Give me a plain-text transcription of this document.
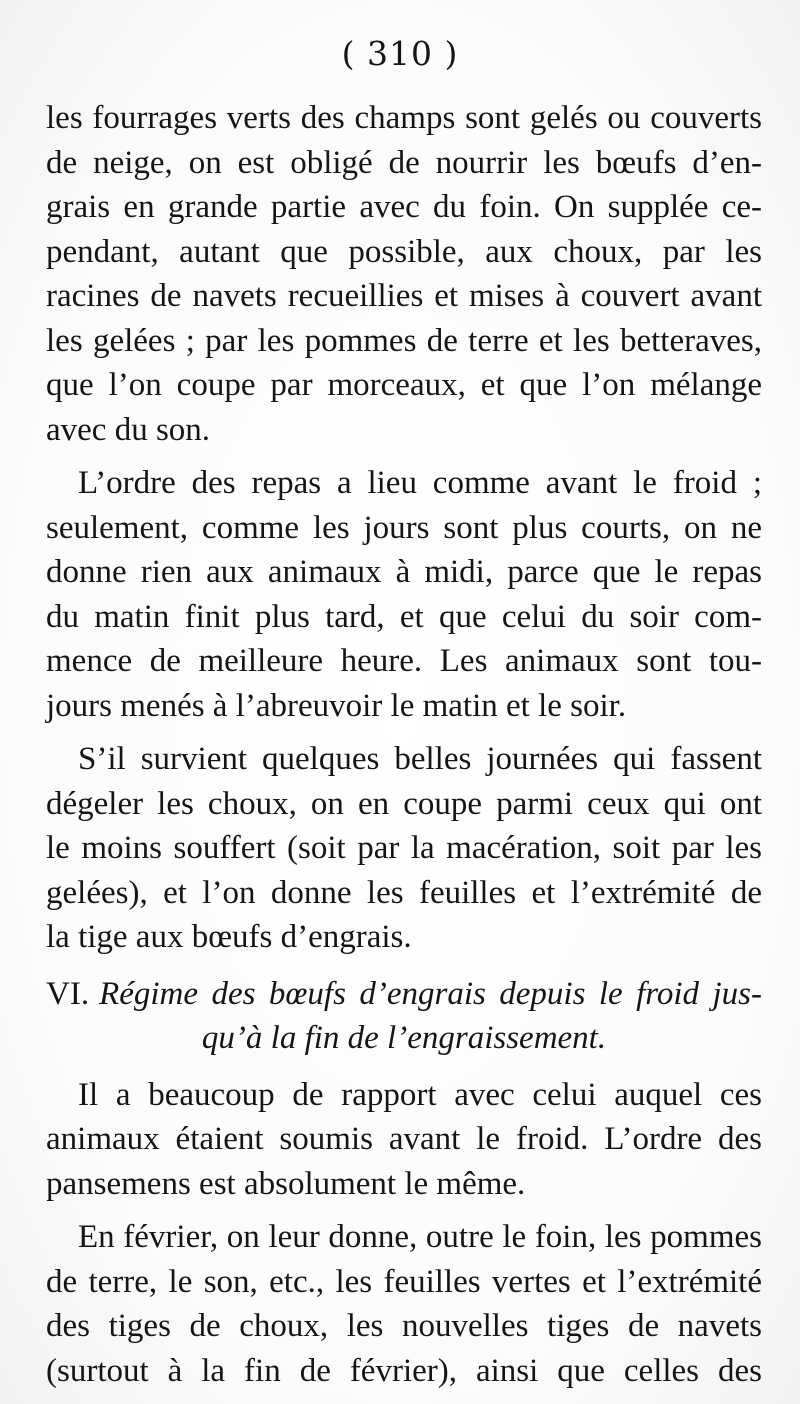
( 310 )
les fourrages verts des champs sont gelés ou couverts
de neige, on est obligé de nourrir les bœufs d’en-
grais en grande partie avec du foin. On supplée ce-
pendant, autant que possible, aux choux, par les
racines de navets recueillies et mises à couvert avant
les gelées ; par les pommes de terre et les betteraves,
que l’on coupe par morceaux, et que l’on mélange
avec du son.
L’ordre des repas a lieu comme avant le froid ;
seulement, comme les jours sont plus courts, on ne
donne rien aux animaux à midi, parce que le repas
du matin finit plus tard, et que celui du soir com-
mence de meilleure heure. Les animaux sont tou-
jours menés à l’abreuvoir le matin et le soir.
S’il survient quelques belles journées qui fassent
dégeler les choux, on en coupe parmi ceux qui ont
le moins souffert (soit par la macération, soit par les
gelées), et l’on donne les feuilles et l’extrémité de
la tige aux bœufs d’engrais.
VI. Régime des bœufs d’engrais depuis le froid jus-
qu’à la fin de l’engraissement.
Il a beaucoup de rapport avec celui auquel ces
animaux étaient soumis avant le froid. L’ordre des
pansemens est absolument le même.
En février, on leur donne, outre le foin, les pommes
de terre, le son, etc., les feuilles vertes et l’extrémité
des tiges de choux, les nouvelles tiges de navets
(surtout à la fin de février), ainsi que celles des
